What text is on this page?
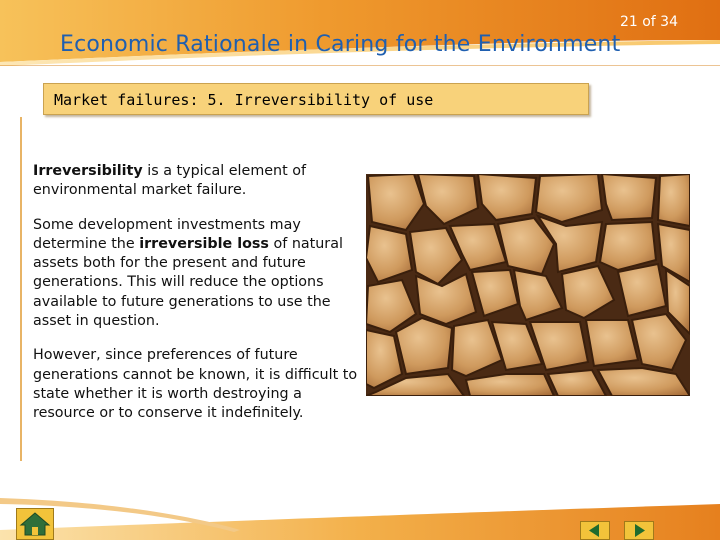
21 of 34
Economic Rationale in Caring for the Environment
Market failures: 5. Irreversibility of use

Irreversibility is a typical element of environmental market failure.

Some development investments may determine the irreversible loss of natural assets both for the present and future generations. This will reduce the options available to future generations to use the asset in question.

However, since preferences of future generations cannot be known, it is difficult to state whether it is worth destroying a resource or to conserve it indefinitely.
